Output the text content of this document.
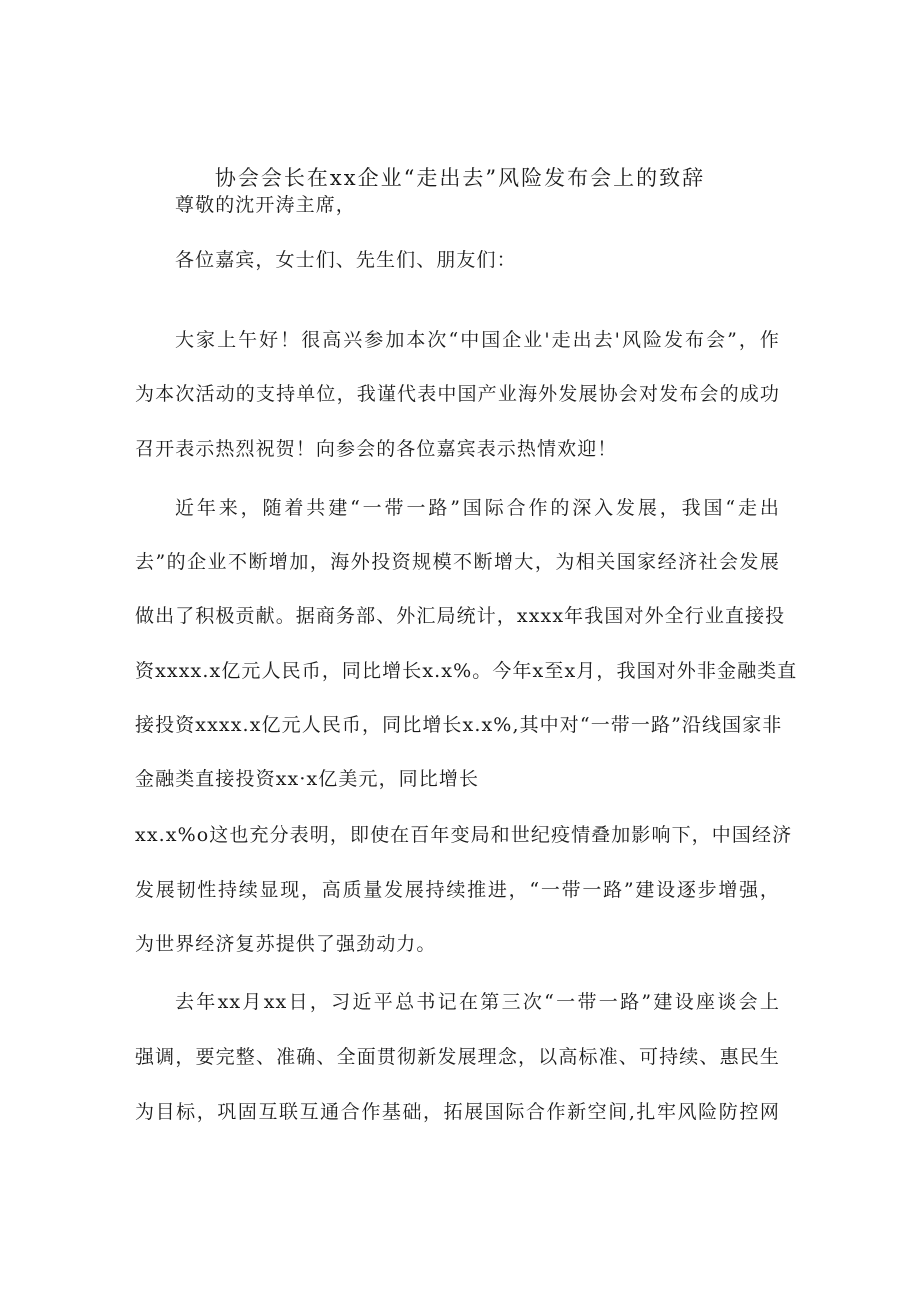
协会会长在xx企业“走出去”风险发布会上的致辞
尊敬的沈开涛主席，
各位嘉宾，女士们、先生们、朋友们：
大家上午好！很高兴参加本次“中国企业'走出去'风险发布会”，作
为本次活动的支持单位，我谨代表中国产业海外发展协会对发布会的成功
召开表示热烈祝贺！向参会的各位嘉宾表示热情欢迎！
近年来，随着共建“一带一路”国际合作的深入发展，我国“走出
去”的企业不断增加，海外投资规模不断增大，为相关国家经济社会发展
做出了积极贡献。据商务部、外汇局统计，xxxx年我国对外全行业直接投
资xxxx.x亿元人民币，同比增长x.x%。今年x至x月，我国对外非金融类直
接投资xxxx.x亿元人民币，同比增长x.x%,其中对“一带一路”沿线国家非
金融类直接投资xx·x亿美元，同比增长
xx.x%o这也充分表明，即使在百年变局和世纪疫情叠加影响下，中国经济
发展韧性持续显现，高质量发展持续推进，“一带一路”建设逐步增强，
为世界经济复苏提供了强劲动力。
去年xx月xx日，习近平总书记在第三次“一带一路”建设座谈会上
强调，要完整、准确、全面贯彻新发展理念，以高标准、可持续、惠民生
为目标，巩固互联互通合作基础，拓展国际合作新空间,扎牢风险防控网
